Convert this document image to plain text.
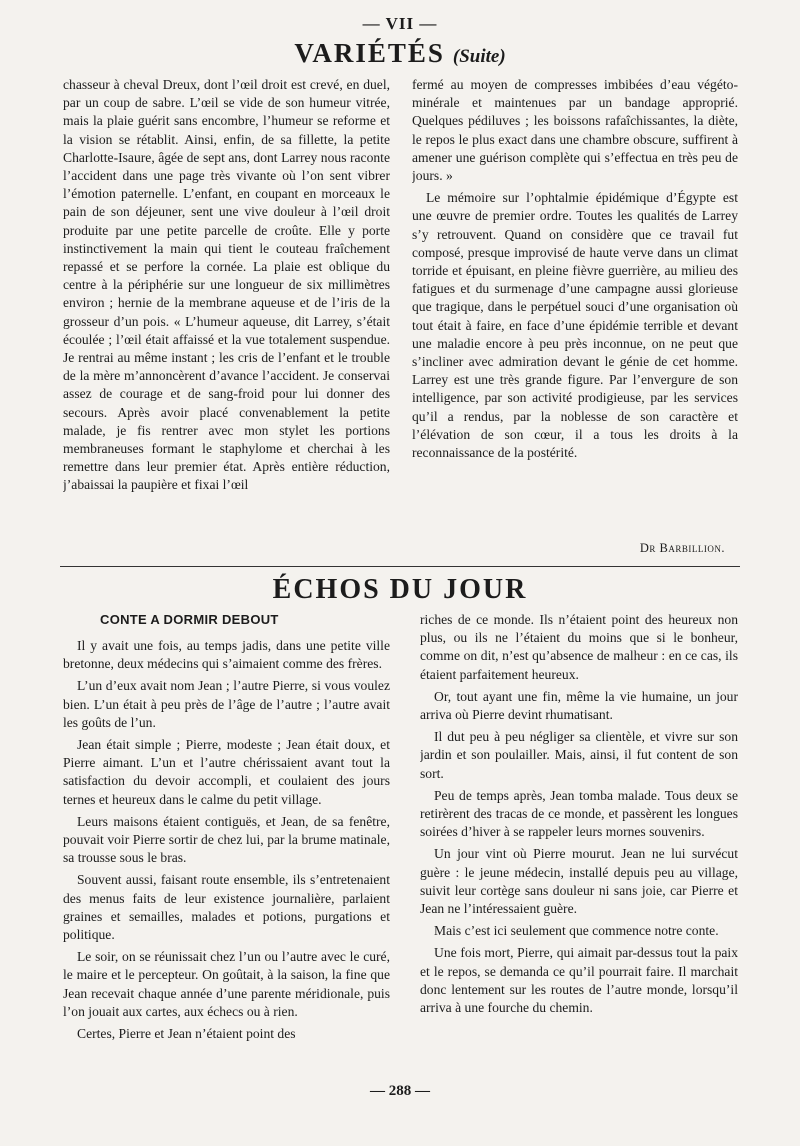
— VII —
VARIÉTÉS (Suite)

chasseur à cheval Dreux, dont l’œil droit est crevé, en duel, par un coup de sabre. L’œil se vide de son humeur vitrée, mais la plaie guérit sans encombre, l’humeur se reforme et la vision se rétablit. Ainsi, enfin, de sa fillette, la petite Charlotte-Isaure, âgée de sept ans, dont Larrey nous raconte l’accident dans une page très vivante où l’on sent vibrer l’émotion paternelle. L’enfant, en coupant en morceaux le pain de son déjeuner, sent une vive douleur à l’œil droit produite par une petite parcelle de croûte. Elle y porte instinctivement la main qui tient le couteau fraîchement repassé et se perfore la cornée. La plaie est oblique du centre à la périphérie sur une longueur de six millimètres environ ; hernie de la membrane aqueuse et de l’iris de la grosseur d’un pois. « L’humeur aqueuse, dit Larrey, s’était écoulée ; l’œil était affaissé et la vue totalement suspendue. Je rentrai au même instant ; les cris de l’enfant et le trouble de la mère m’annoncèrent d’avance l’accident. Je conservai assez de courage et de sang-froid pour lui donner des secours. Après avoir placé convenablement la petite malade, je fis rentrer avec mon stylet les portions membraneuses formant le staphylome et cherchai à les remettre dans leur premier état. Après entière réduction, j’abaissai la paupière et fixai l’œil

fermé au moyen de compresses imbibées d’eau végéto-minérale et maintenues par un bandage approprié. Quelques pédiluves ; les boissons rafaîchissantes, la diète, le repos le plus exact dans une chambre obscure, suffirent à amener une guérison complète qui s’effectua en très peu de jours. »

Le mémoire sur l’ophtalmie épidémique d’Égypte est une œuvre de premier ordre. Toutes les qualités de Larrey s’y retrouvent. Quand on considère que ce travail fut composé, presque improvisé de haute verve dans un climat torride et épuisant, en pleine fièvre guerrière, au milieu des fatigues et du surmenage d’une campagne aussi glorieuse que tragique, dans le perpétuel souci d’une organisation où tout était à faire, en face d’une épidémie terrible et devant une maladie encore à peu près inconnue, on ne peut que s’incliner avec admiration devant le génie de cet homme. Larrey est une très grande figure. Par l’envergure de son intelligence, par son activité prodigieuse, par les services qu’il a rendus, par la noblesse de son caractère et l’élévation de son cœur, il a tous les droits à la reconnaissance de la postérité.

Dr Barbillion.
ÉCHOS DU JOUR
CONTE A DORMIR DEBOUT

Il y avait une fois, au temps jadis, dans une petite ville bretonne, deux médecins qui s’aimaient comme des frères.

L’un d’eux avait nom Jean ; l’autre Pierre, si vous voulez bien. L’un était à peu près de l’âge de l’autre ; l’autre avait les goûts de l’un.

Jean était simple ; Pierre, modeste ; Jean était doux, et Pierre aimant. L’un et l’autre chérissaient avant tout la satisfaction du devoir accompli, et coulaient des jours ternes et heureux dans le calme du petit village.

Leurs maisons étaient contiguës, et Jean, de sa fenêtre, pouvait voir Pierre sortir de chez lui, par la brume matinale, sa trousse sous le bras.

Souvent aussi, faisant route ensemble, ils s’entretenaient des menus faits de leur existence journalière, parlaient graines et semailles, malades et potions, purgations et politique.

Le soir, on se réunissait chez l’un ou l’autre avec le curé, le maire et le percepteur. On goûtait, à la saison, la fine que Jean recevait chaque année d’une parente méridionale, puis l’on jouait aux cartes, aux échecs ou à rien.

Certes, Pierre et Jean n’étaient point des

riches de ce monde. Ils n’étaient point des heureux non plus, ou ils ne l’étaient du moins que si le bonheur, comme on dit, n’est qu’absence de malheur : en ce cas, ils étaient parfaitement heureux.

Or, tout ayant une fin, même la vie humaine, un jour arriva où Pierre devint rhumatisant.

Il dut peu à peu négliger sa clientèle, et vivre sur son jardin et son poulailler. Mais, ainsi, il fut content de son sort.

Peu de temps après, Jean tomba malade. Tous deux se retirèrent des tracas de ce monde, et passèrent les longues soirées d’hiver à se rappeler leurs mornes souvenirs.

Un jour vint où Pierre mourut. Jean ne lui survécut guère : le jeune médecin, installé depuis peu au village, suivit leur cortège sans douleur ni sans joie, car Pierre et Jean ne l’intéressaient guère.

Mais c’est ici seulement que commence notre conte.

Une fois mort, Pierre, qui aimait par-dessus tout la paix et le repos, se demanda ce qu’il pourrait faire. Il marchait donc lentement sur les routes de l’autre monde, lorsqu’il arriva à une fourche du chemin.

— 288 —
